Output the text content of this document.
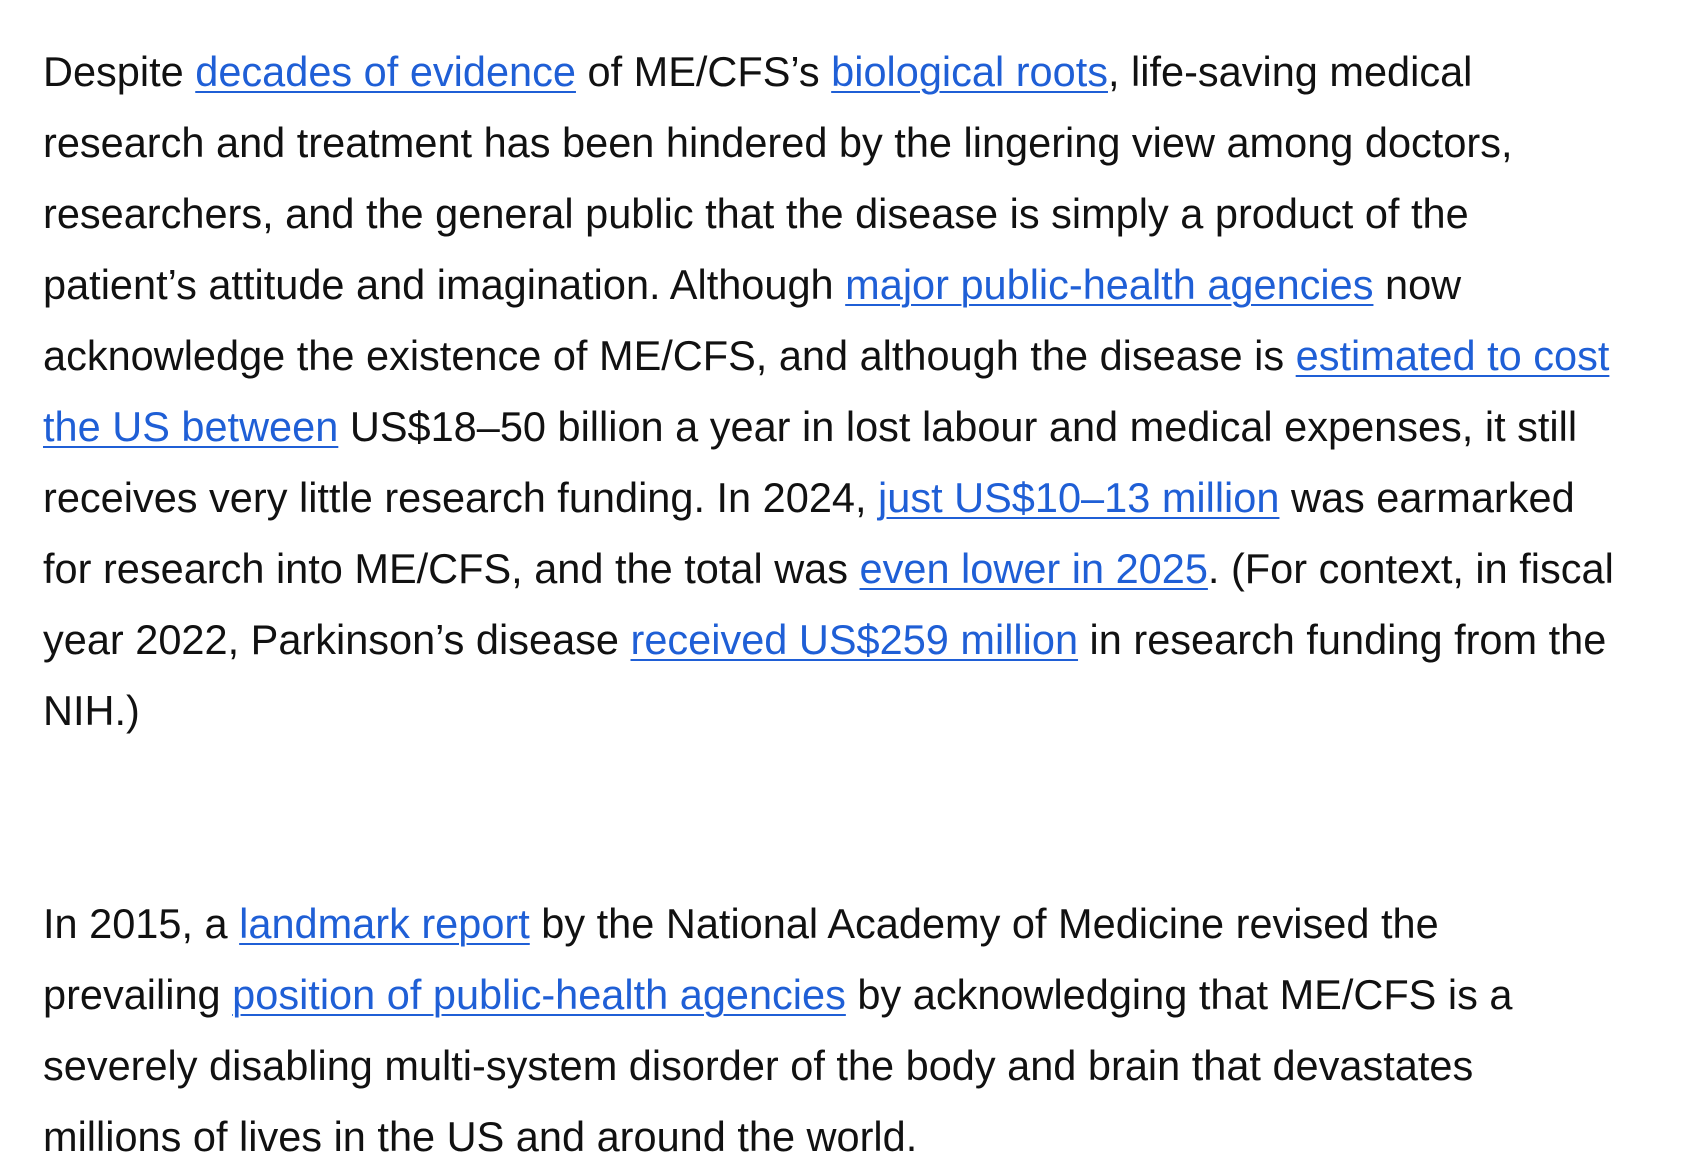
Despite decades of evidence of ME/CFS’s biological roots, life-saving medical research and treatment has been hindered by the lingering view among doctors, researchers, and the general public that the disease is simply a product of the patient’s attitude and imagination. Although major public-health agencies now acknowledge the existence of ME/CFS, and although the disease is estimated to cost the US between US$18–50 billion a year in lost labour and medical expenses, it still receives very little research funding. In 2024, just US$10–13 million was earmarked for research into ME/CFS, and the total was even lower in 2025. (For context, in fiscal year 2022, Parkinson’s disease received US$259 million in research funding from the NIH.)

In 2015, a landmark report by the National Academy of Medicine revised the prevailing position of public-health agencies by acknowledging that ME/CFS is a severely disabling multi-system disorder of the body and brain that devastates millions of lives in the US and around the world.
